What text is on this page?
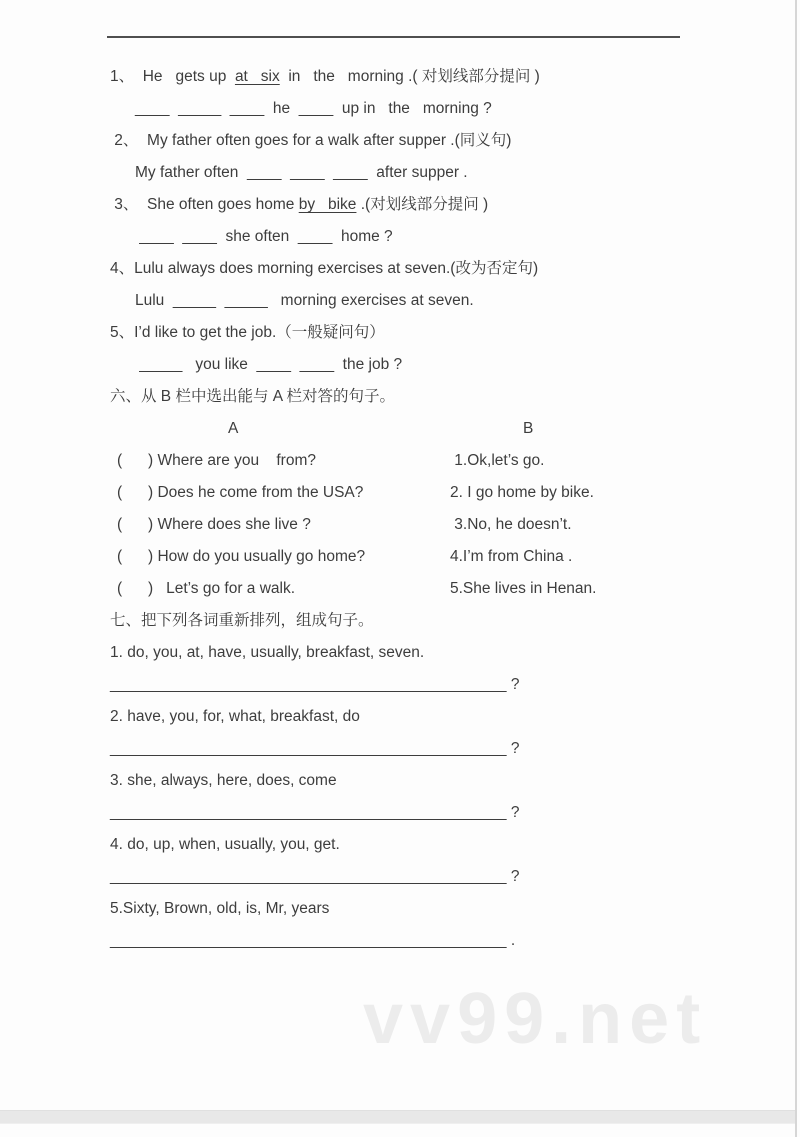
1、  He   gets up  at   six  in   the   morning .( 对划线部分提问 )
____  _____  ____  he  ____  up in   the   morning ?
2、  My father often goes for a walk after supper .(同义句)
My father often  ____  ____  ____  after supper .
3、  She often goes home by   bike .(对划线部分提问 )
____  ____  she often  ____  home ?
4、Lulu always does morning exercises at seven.(改为否定句)
Lulu  _____  _____   morning exercises at seven.
5、I’d like to get the job.（一般疑问句）
_____   you like  ____  ____  the job ?
六、从 B 栏中选出能与 A 栏对答的句子。
A	B
(      ) Where are you    from?	1.Ok,let’s go.
(      ) Does he come from the USA?	2. I go home by bike.
(      ) Where does she live ?	3.No, he doesn’t.
(      ) How do you usually go home?	4.I’m from China .
(      )   Let’s go for a walk.	5.She lives in Henan.
七、把下列各词重新排列，组成句子。
1. do, you, at, have, usually, breakfast, seven.
______________________________________________ ?
2. have, you, for, what, breakfast, do
______________________________________________ ?
3. she, always, here, does, come
______________________________________________ ?
4. do, up, when, usually, you, get.
______________________________________________ ?
5.Sixty, Brown, old, is, Mr, years
______________________________________________ .
vv99.net
